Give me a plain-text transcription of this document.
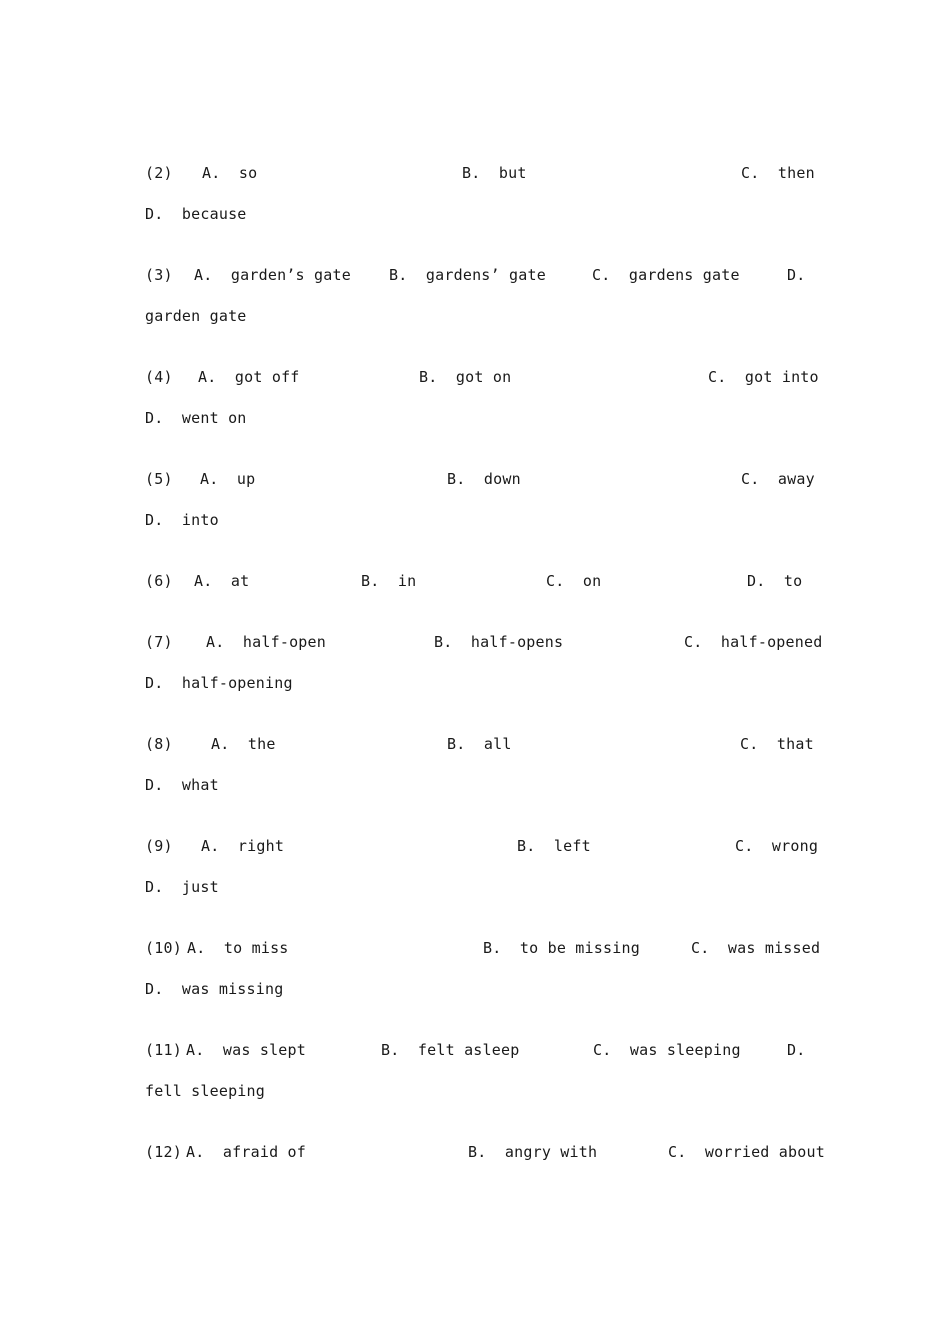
(2) A.  so	B.  but	C.  then
D.  because
(3) A.  garden’s gate	B.  gardens’ gate	C.  gardens gate	D.
garden gate
(4) A.  got off	B.  got on	C.  got into
D.  went on
(5) A.  up	B.  down	C.  away
D.  into
(6) A.  at	B.  in	C.  on	D.  to
(7) A.  half-open	B.  half-opens	C.  half-opened
D.  half-opening
(8)	A.  the	B.  all	C.  that
D.  what
(9) A.  right	B.  left	C.  wrong
D.  just
(10) A.  to miss	B.  to be missing	C.  was missed
D.  was missing
(11) A.  was slept	B.  felt asleep	C.  was sleeping	D.
fell sleeping
(12) A.  afraid of	B.  angry with	C.  worried about
